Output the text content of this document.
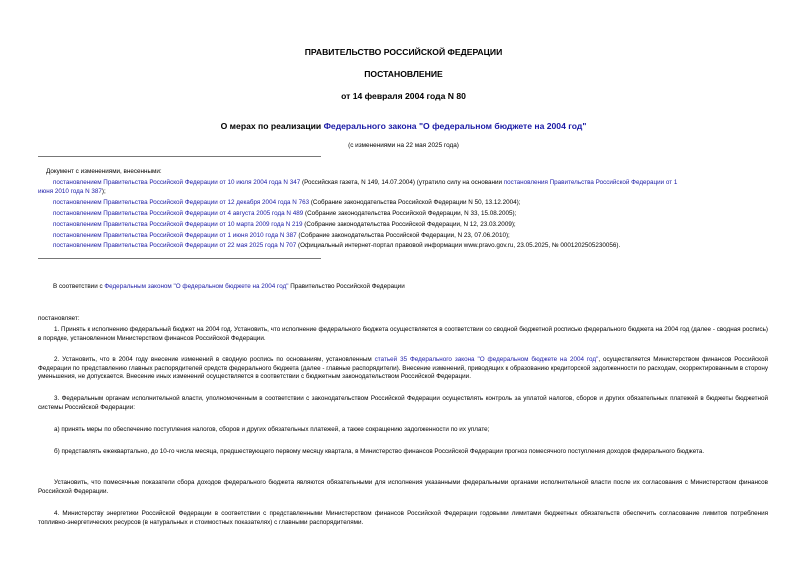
ПРАВИТЕЛЬСТВО РОССИЙСКОЙ ФЕДЕРАЦИИ
ПОСТАНОВЛЕНИЕ
от 14 февраля 2004 года N 80
О мерах по реализации Федерального закона "О федеральном бюджете на 2004 год"
(с изменениями на 22 мая 2025 года)
Документ с изменениями, внесенными:
постановлением Правительства Российской Федерации от 10 июля 2004 года N 347 (Российская газета, N 149, 14.07.2004) (утратило силу на основании постановления Правительства Российской Федерации от 1
июня 2010 года N 387);
постановлением Правительства Российской Федерации от 12 декабря 2004 года N 763 (Собрание законодательства Российской Федерации N 50, 13.12.2004);
постановлением Правительства Российской Федерации от 4 августа 2005 года N 489 (Собрание законодательства Российской Федерации, N 33, 15.08.2005);
постановлением Правительства Российской Федерации от 10 марта 2009 года N 219 (Собрание законодательства Российской Федерации, N 12, 23.03.2009);
постановлением Правительства Российской Федерации от 1 июня 2010 года N 387 (Собрание законодательства Российской Федерации, N 23, 07.06.2010);
постановлением Правительства Российской Федерации от 22 мая 2025 года N 707 (Официальный интернет-портал правовой информации www.pravo.gov.ru, 23.05.2025, № 0001202505230056).
В соответствии с Федеральным законом "О федеральном бюджете на 2004 год" Правительство Российской Федерации
постановляет:
1. Принять к исполнению федеральный бюджет на 2004 год. Установить, что исполнение федерального бюджета осуществляется в соответствии со сводной бюджетной росписью федерального бюджета на 2004 год (далее - сводная роспись) в порядке, установленном Министерством финансов Российской Федерации.
2. Установить, что в 2004 году внесение изменений в сводную роспись по основаниям, установленным статьей 35 Федерального закона "О федеральном бюджете на 2004 год", осуществляется Министерством финансов Российской Федерации по представлению главных распорядителей средств федерального бюджета (далее - главные распорядители). Внесение изменений, приводящих к образованию кредиторской задолженности по расходам, скорректированным в сторону уменьшения, не допускается. Внесение иных изменений осуществляется в соответствии с бюджетным законодательством Российской Федерации.
3. Федеральным органам исполнительной власти, уполномоченным в соответствии с законодательством Российской Федерации осуществлять контроль за уплатой налогов, сборов и других обязательных платежей в бюджеты бюджетной системы Российской Федерации:
а) принять меры по обеспечению поступления налогов, сборов и других обязательных платежей, а также сокращению задолженности по их уплате;
б) представлять ежеквартально, до 10-го числа месяца, предшествующего первому месяцу квартала, в Министерство финансов Российской Федерации прогноз помесячного поступления доходов федерального бюджета.
Установить, что помесячные показатели сбора доходов федерального бюджета являются обязательными для исполнения указанными федеральными органами исполнительной власти после их согласования с Министерством финансов Российской Федерации.
4. Министерству энергетики Российской Федерации в соответствии с представленными Министерством финансов Российской Федерации годовыми лимитами бюджетных обязательств обеспечить согласование лимитов потребления топливно-энергетических ресурсов (в натуральных и стоимостных показателях) с главными распорядителями.
